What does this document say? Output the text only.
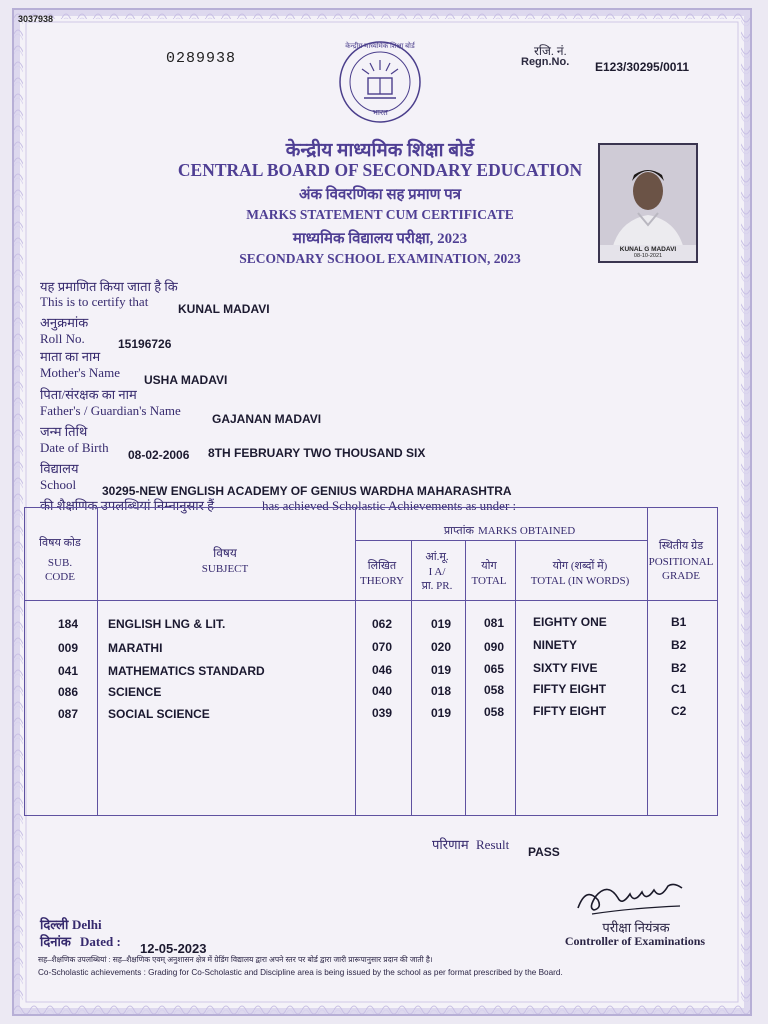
3037938
0289938	रजि. नं.
Regn.No. E123/30295/0011
केन्द्रीय माध्यमिक शिक्षा बोर्ड
भारत
केन्द्रीय माध्यमिक शिक्षा बोर्ड
CENTRAL BOARD OF SECONDARY EDUCATION
अंक विवरणिका सह प्रमाण पत्र
MARKS STATEMENT CUM CERTIFICATE
माध्यमिक विद्यालय परीक्षा, 2023
SECONDARY SCHOOL EXAMINATION, 2023
KUNAL G MADAVI
08-10-2021
यह प्रमाणित किया जाता है कि
This is to certify that KUNAL MADAVI
अनुक्रमांक
Roll No.	15196726
माता का नाम
Mother's Name USHA MADAVI
पिता/संरक्षक का नाम
Father's / Guardian's Name
GAJANAN MADAVI
जन्म तिथि
Date of Birth 08-02-2006 8TH FEBRUARY TWO THOUSAND SIX
विद्यालय
School 30295-NEW ENGLISH ACADEMY OF GENIUS WARDHA MAHARASHTRA
की शैक्षणिक उपलब्धियां निम्नानुसार हैं	has achieved Scholastic Achievements as under :
विषय कोड
SUB.
CODE
विषय
SUBJECT
प्राप्तांक MARKS OBTAINED
लिखित
THEORY
आं.मू.
I A/
प्रा. PR.
योग
TOTAL
योग (शब्दों में)
TOTAL (IN WORDS)
स्थितीय ग्रेड
POSITIONAL
GRADE
184 ENGLISH LNG & LIT.	062	019	081 EIGHTY ONE	B1
009 MARATHI	070	020	090 NINETY	B2
041 MATHEMATICS STANDARD	046	019	065 SIXTY FIVE	B2
086 SCIENCE	040	018	058 FIFTY EIGHT	C1
087 SOCIAL SCIENCE	039	019	058 FIFTY EIGHT	C2
परिणाम Result PASS
दिल्ली Delhi
दिनांक Dated : 12-05-2023
परीक्षा नियंत्रक
Controller of Examinations
सह–शैक्षणिक उपलब्धियां : सह–शैक्षणिक एवम् अनुशासन क्षेत्र में ग्रेडिंग विद्यालय द्वारा अपने स्तर पर बोर्ड द्वारा जारी प्रारूपानुसार प्रदान की जाती है।
Co-Scholastic achievements : Grading for Co-Scholastic and Discipline area is being issued by the school as per format prescribed by the Board.
